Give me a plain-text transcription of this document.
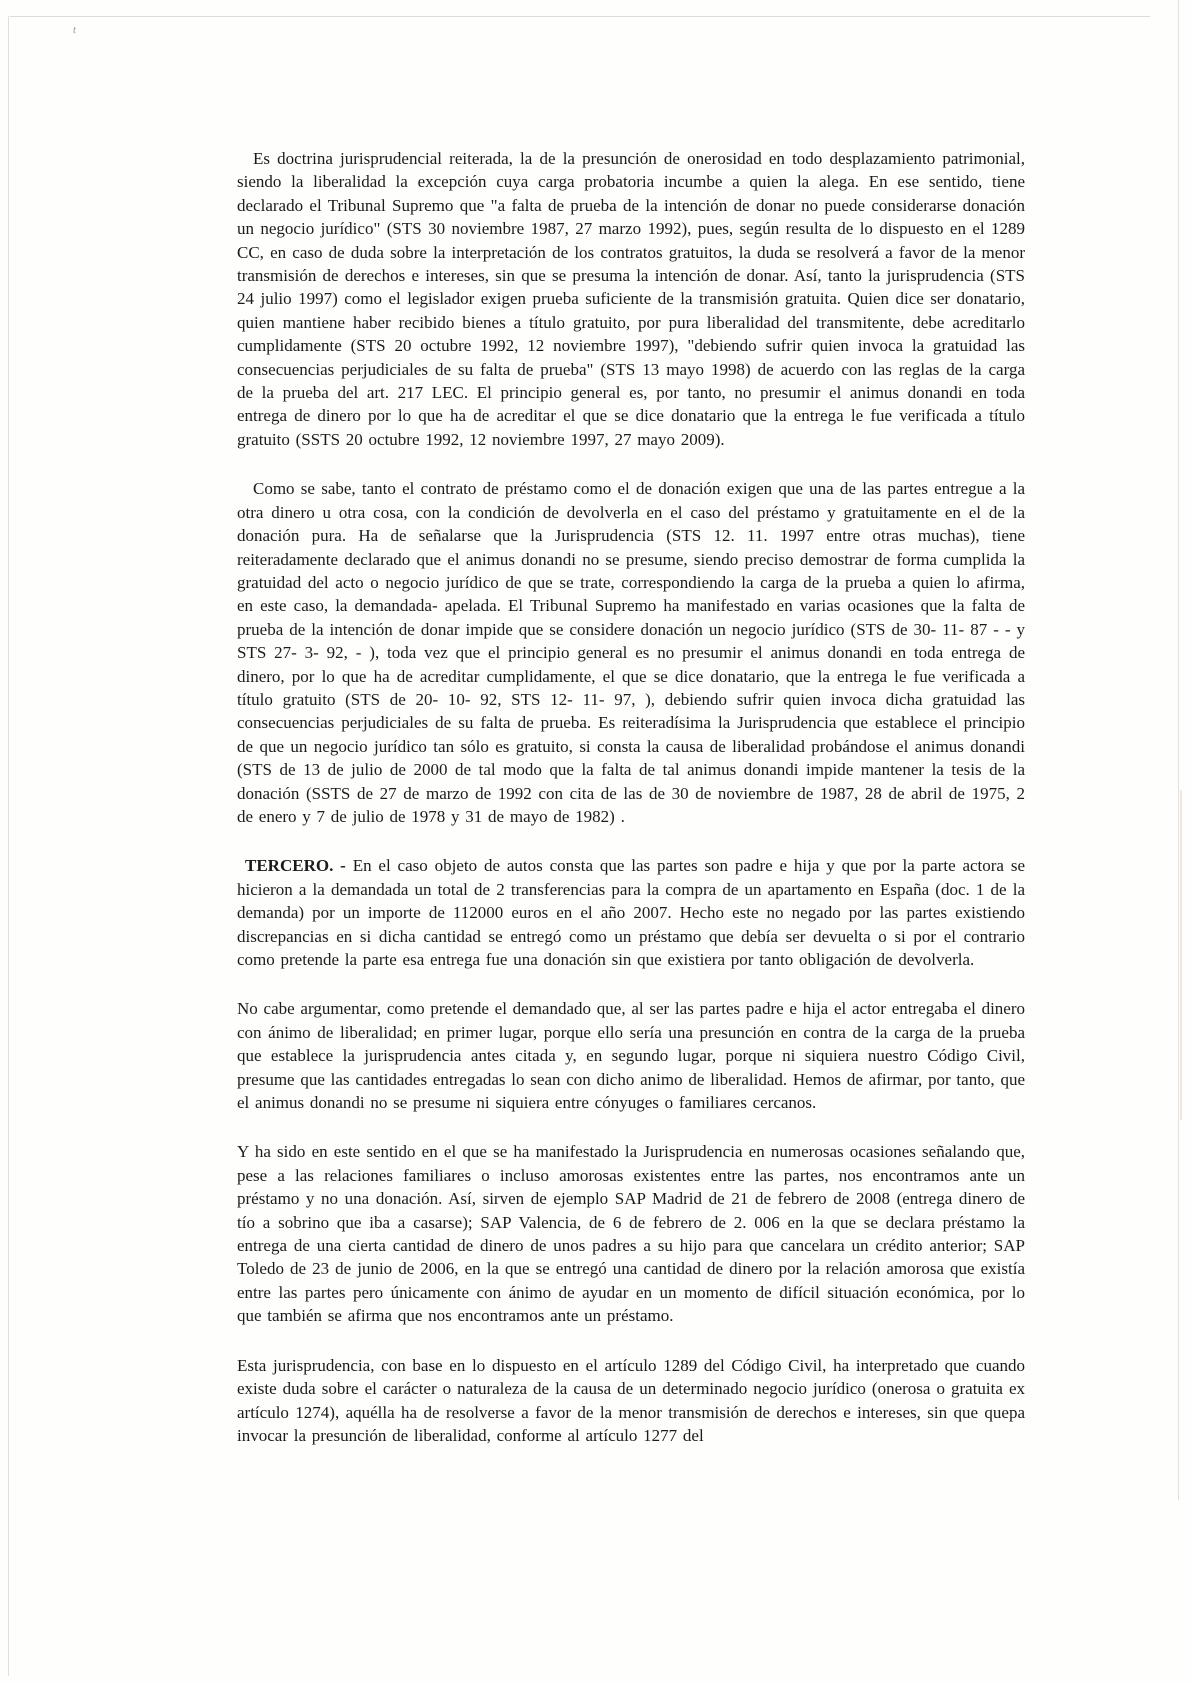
t

Es doctrina jurisprudencial reiterada, la de la presunción de onerosidad en todo desplazamiento patrimonial, siendo la liberalidad la excepción cuya carga probatoria incumbe a quien la alega. En ese sentido, tiene declarado el Tribunal Supremo que "a falta de prueba de la intención de donar no puede considerarse donación un negocio jurídico" (STS 30 noviembre 1987, 27 marzo 1992), pues, según resulta de lo dispuesto en el 1289 CC, en caso de duda sobre la interpretación de los contratos gratuitos, la duda se resolverá a favor de la menor transmisión de derechos e intereses, sin que se presuma la intención de donar. Así, tanto la jurisprudencia (STS 24 julio 1997) como el legislador exigen prueba suficiente de la transmisión gratuita. Quien dice ser donatario, quien mantiene haber recibido bienes a título gratuito, por pura liberalidad del transmitente, debe acreditarlo cumplidamente (STS 20 octubre 1992, 12 noviembre 1997), "debiendo sufrir quien invoca la gratuidad las consecuencias perjudiciales de su falta de prueba" (STS 13 mayo 1998) de acuerdo con las reglas de la carga de la prueba del art. 217 LEC. El principio general es, por tanto, no presumir el animus donandi en toda entrega de dinero por lo que ha de acreditar el que se dice donatario que la entrega le fue verificada a título gratuito (SSTS 20 octubre 1992, 12 noviembre 1997, 27 mayo 2009).

Como se sabe, tanto el contrato de préstamo como el de donación exigen que una de las partes entregue a la otra dinero u otra cosa, con la condición de devolverla en el caso del préstamo y gratuitamente en el de la donación pura. Ha de señalarse que la Jurisprudencia (STS 12. 11. 1997 entre otras muchas), tiene reiteradamente declarado que el animus donandi no se presume, siendo preciso demostrar de forma cumplida la gratuidad del acto o negocio jurídico de que se trate, correspondiendo la carga de la prueba a quien lo afirma, en este caso, la demandada- apelada. El Tribunal Supremo ha manifestado en varias ocasiones que la falta de prueba de la intención de donar impide que se considere donación un negocio jurídico (STS de 30- 11- 87 - - y STS 27- 3- 92, - ), toda vez que el principio general es no presumir el animus donandi en toda entrega de dinero, por lo que ha de acreditar cumplidamente, el que se dice donatario, que la entrega le fue verificada a título gratuito (STS de 20- 10- 92, STS 12- 11- 97, ), debiendo sufrir quien invoca dicha gratuidad las consecuencias perjudiciales de su falta de prueba. Es reiteradísima la Jurisprudencia que establece el principio de que un negocio jurídico tan sólo es gratuito, si consta la causa de liberalidad probándose el animus donandi (STS de 13 de julio de 2000 de tal modo que la falta de tal animus donandi impide mantener la tesis de la donación (SSTS de 27 de marzo de 1992 con cita de las de 30 de noviembre de 1987, 28 de abril de 1975, 2 de enero y 7 de julio de 1978 y 31 de mayo de 1982) .

TERCERO. - En el caso objeto de autos consta que las partes son padre e hija y que por la parte actora se hicieron a la demandada un total de 2 transferencias para la compra de un apartamento en España (doc. 1 de la demanda) por un importe de 112000 euros en el año 2007. Hecho este no negado por las partes existiendo discrepancias en si dicha cantidad se entregó como un préstamo que debía ser devuelta o si por el contrario como pretende la parte esa entrega fue una donación sin que existiera por tanto obligación de devolverla.

No cabe argumentar, como pretende el demandado que, al ser las partes padre e hija el actor entregaba el dinero con ánimo de liberalidad; en primer lugar, porque ello sería una presunción en contra de la carga de la prueba que establece la jurisprudencia antes citada y, en segundo lugar, porque ni siquiera nuestro Código Civil, presume que las cantidades entregadas lo sean con dicho animo de liberalidad. Hemos de afirmar, por tanto, que el animus donandi no se presume ni siquiera entre cónyuges o familiares cercanos.

Y ha sido en este sentido en el que se ha manifestado la Jurisprudencia en numerosas ocasiones señalando que, pese a las relaciones familiares o incluso amorosas existentes entre las partes, nos encontramos ante un préstamo y no una donación. Así, sirven de ejemplo SAP Madrid de 21 de febrero de 2008 (entrega dinero de tío a sobrino que iba a casarse); SAP Valencia, de 6 de febrero de 2. 006 en la que se declara préstamo la entrega de una cierta cantidad de dinero de unos padres a su hijo para que cancelara un crédito anterior; SAP Toledo de 23 de junio de 2006, en la que se entregó una cantidad de dinero por la relación amorosa que existía entre las partes pero únicamente con ánimo de ayudar en un momento de difícil situación económica, por lo que también se afirma que nos encontramos ante un préstamo.

Esta jurisprudencia, con base en lo dispuesto en el artículo 1289 del Código Civil, ha interpretado que cuando existe duda sobre el carácter o naturaleza de la causa de un determinado negocio jurídico (onerosa o gratuita ex artículo 1274), aquélla ha de resolverse a favor de la menor transmisión de derechos e intereses, sin que quepa invocar la presunción de liberalidad, conforme al artículo 1277 del
